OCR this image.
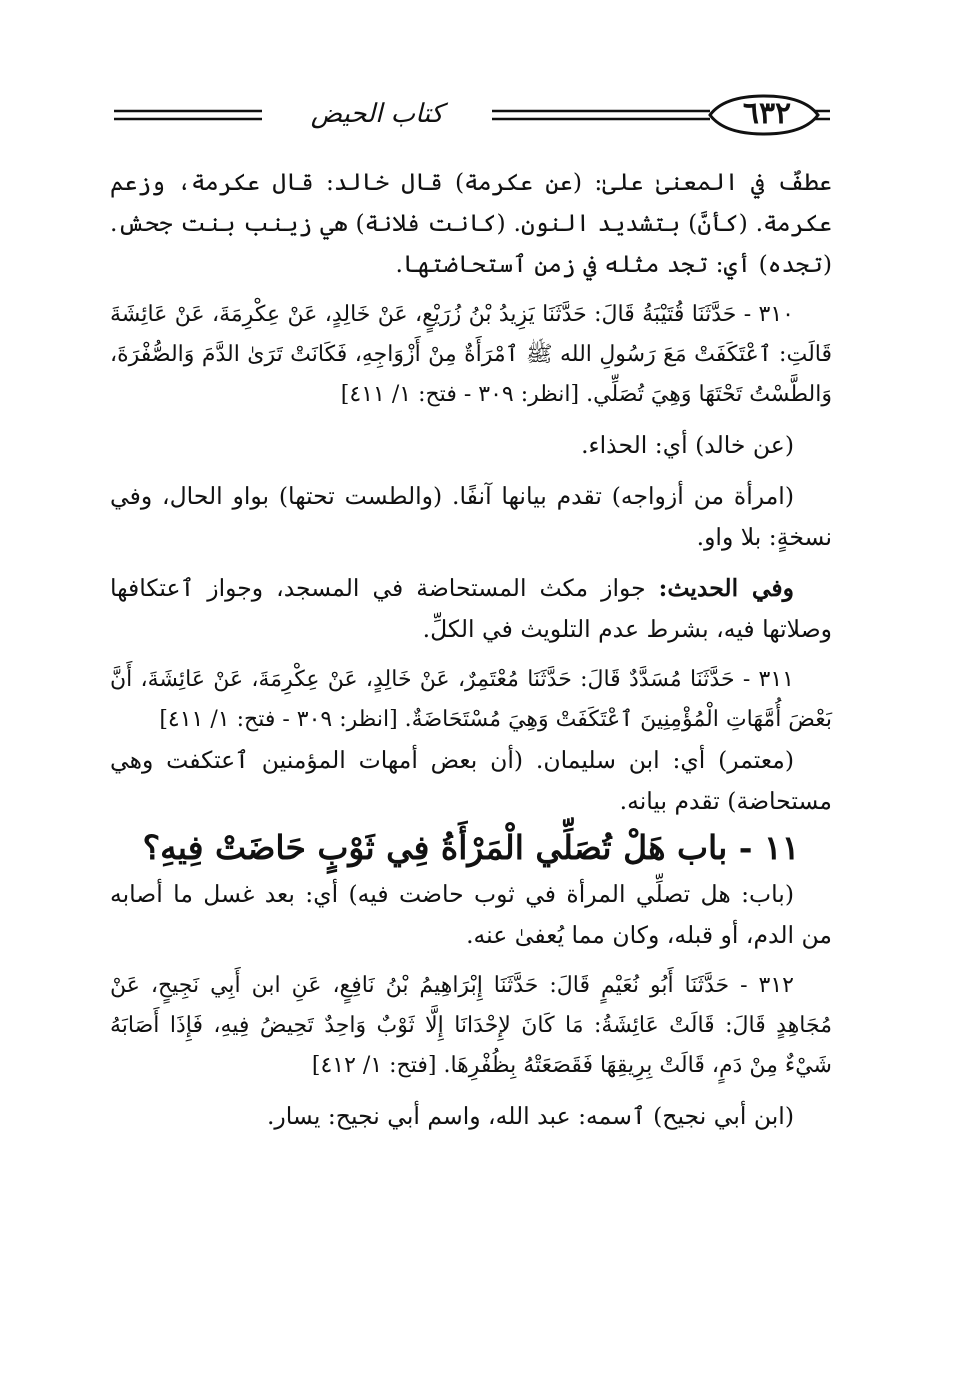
٦٣٢
كتاب الحيض

عطفٌ في المعنىٰ علىٰ: (عن عكرمة) قال خالد: قال عكرمة، وزعم عكرمة. (كأنَّ) بتشديد النون. (كانت فلانة) هي زينب بنت جحش. (تجده) أي: تجد مثله في زمن ٱستحاضتها.

٣١٠ - حَدَّثَنَا قُتَيْبَةُ قَالَ: حَدَّثَنَا يَزِيدُ بْنُ زُرَيْعٍ، عَنْ خَالِدٍ، عَنْ عِكْرِمَةَ، عَنْ عَائِشَةَ قَالَتِ: ٱعْتَكَفَتْ مَعَ رَسُولِ الله ﷺ ٱمْرَأَةٌ مِنْ أَزْوَاجِهِ، فَكَانَتْ تَرَىٰ الدَّمَ وَالصُّفْرَةَ، وَالطَّسْتُ تَحْتَهَا وَهِيَ تُصَلِّي. [انظر: ٣٠٩ - فتح: ١/ ٤١١]

(عن خالد) أي: الحذاء.

(امرأة من أزواجه) تقدم بيانها آنفًا. (والطست تحتها) بواو الحال، وفي نسخةٍ: بلا واو.

وفي الحديث: جواز مكث المستحاضة في المسجد، وجواز ٱعتكافها وصلاتها فيه، بشرط عدم التلويث في الكلِّ.

٣١١ - حَدَّثَنَا مُسَدَّدٌ قَالَ: حَدَّثَنَا مُعْتَمِرٌ، عَنْ خَالِدٍ، عَنْ عِكْرِمَةَ، عَنْ عَائِشَةَ، أَنَّ بَعْضَ أُمَّهَاتِ الْمُؤْمِنِينَ ٱعْتَكَفَتْ وَهِيَ مُسْتَحَاضَةٌ. [انظر: ٣٠٩ - فتح: ١/ ٤١١]

(معتمر) أي: ابن سليمان. (أن بعض أمهات المؤمنين ٱعتكفت وهي مستحاضة) تقدم بيانه.

١١ - باب هَلْ تُصَلِّي الْمَرْأَةُ فِي ثَوْبٍ حَاضَتْ فِيهِ؟

(باب: هل تصلِّي المرأة في ثوب حاضت فيه) أي: بعد غسل ما أصابه من الدم، أو قبله، وكان مما يُعفىٰ عنه.

٣١٢ - حَدَّثَنَا أَبُو نُعَيْمٍ قَالَ: حَدَّثَنَا إِبْرَاهِيمُ بْنُ نَافِعٍ، عَنِ ابن أَبِي نَجِيحٍ، عَنْ مُجَاهِدٍ قَالَ: قَالَتْ عَائِشَةُ: مَا كَانَ لإِحْدَانَا إِلَّا ثَوْبٌ وَاحِدٌ تَحِيضُ فِيهِ، فَإِذَا أَصَابَهُ شَيْءٌ مِنْ دَمٍ، قَالَتْ بِرِيقِهَا فَقَصَعَتْهُ بِظُفْرِهَا. [فتح: ١/ ٤١٢]

(ابن أبي نجيح) ٱسمه: عبد الله، واسم أبي نجيح: يسار.
